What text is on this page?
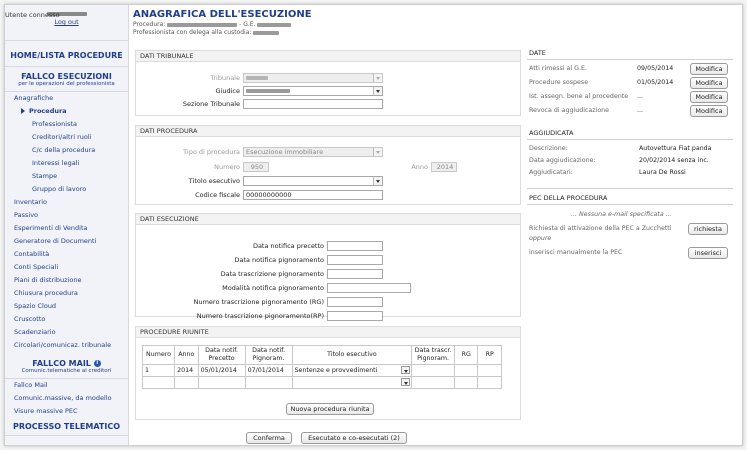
Utente connesso
Log out
HOME/LISTA PROCEDURE
FALLCO ESECUZIONI
per le operazioni del professionista
Anagrafiche
Procedura
Professionista
Creditori/altri ruoli
C/c della procedura
Interessi legali
Stampe
Gruppo di lavoro
Inventario
Passivo
Esperimenti di Vendita
Generatore di Documenti
Contabilità
Conti Speciali
Piani di distribuzione
Chiusura procedura
Spazio Cloud
Cruscotto
Scadenziario
Circolari/comunicaz. tribunale
FALLCO MAIL i
Comunic.telematiche ai creditori
Fallco Mail
Comunic.massive, da modello
Visure massive PEC
PROCESSO TELEMATICO
ANAGRAFICA DELL'ESECUZIONE
Procedura:	- G.E.
Professionista con delega alla custodia:
DATI TRIBUNALE
Tribunale
Giudice
Sezione Tribunale
DATI PROCEDURA
Tipo di procedura Esecuzione immobiliare
Numero	950	Anno	2014
Titolo esecutivo
Codice fiscale 00000000000
DATI ESECUZIONE
Data notifica precetto
Data notifica pignoramento
Data trascrizione pignoramento
Modalità notifica pignoramento
Numero trascrizione pignoramento (RG)
Numero trascrizione pignoramento(RP)
PROCEDURE RIUNITE
Numero	Anno	Data notif. Precetto	Data notif. Pignoram.	Titolo esecutivo	Data trascr. Pignoram.	RG	RP
1	2014	05/01/2014	07/01/2014	Sentenze e provvedimenti

Nuova procedura riunita
Conferma	Esecutato e co-esecutati (2)
DATE
Atti rimessi al G.E.	09/05/2014	Modifica
Procedure sospese	01/05/2014	Modifica
Ist. assegn. bene al procedente ...	Modifica
Revoca di aggiudicazione	...	Modifica
AGGIUDICATA
Descrizione:	Autovettura Fiat panda
Data aggiudicazione:	20/02/2014 senza inc.
Aggiudicatari:	Laura De Rossi
PEC DELLA PROCEDURA
... Nessuna e-mail specificata ...
Richiesta di attivazione della PEC a Zucchetti
oppure
inserisci manualmente la PEC
richiesta
inserisci
